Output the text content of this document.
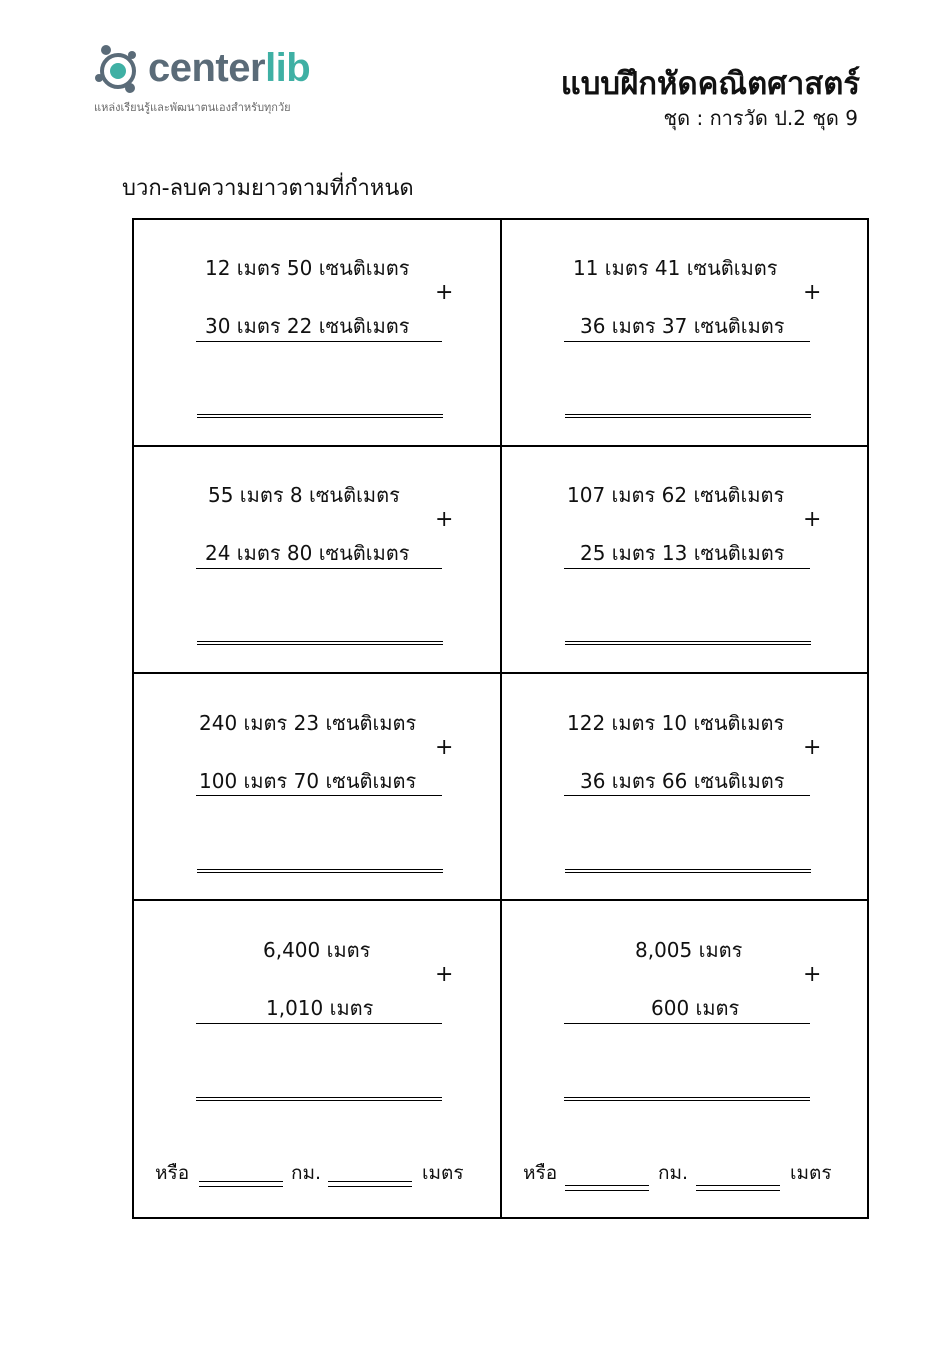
centerlib
แหล่งเรียนรู้และพัฒนาตนเองสำหรับทุกวัย
แบบฝึกหัดคณิตศาสตร์
ชุด : การวัด ป.2 ชุด 9
บวก-ลบความยาวตามที่กำหนด
12 เมตร 50 เซนติเมตร
+
30 เมตร 22 เซนติเมตร
11 เมตร 41 เซนติเมตร
+
36 เมตร 37 เซนติเมตร
55 เมตร 8 เซนติเมตร
+
24 เมตร 80 เซนติเมตร
107 เมตร 62 เซนติเมตร
+
25 เมตร 13 เซนติเมตร
240 เมตร 23 เซนติเมตร
+
100 เมตร 70 เซนติเมตร
122 เมตร 10 เซนติเมตร
+
36 เมตร 66 เซนติเมตร
6,400 เมตร
+
1,010 เมตร
หรือ	กม.	เมตร
8,005 เมตร
+
600 เมตร
หรือ	กม.	เมตร
